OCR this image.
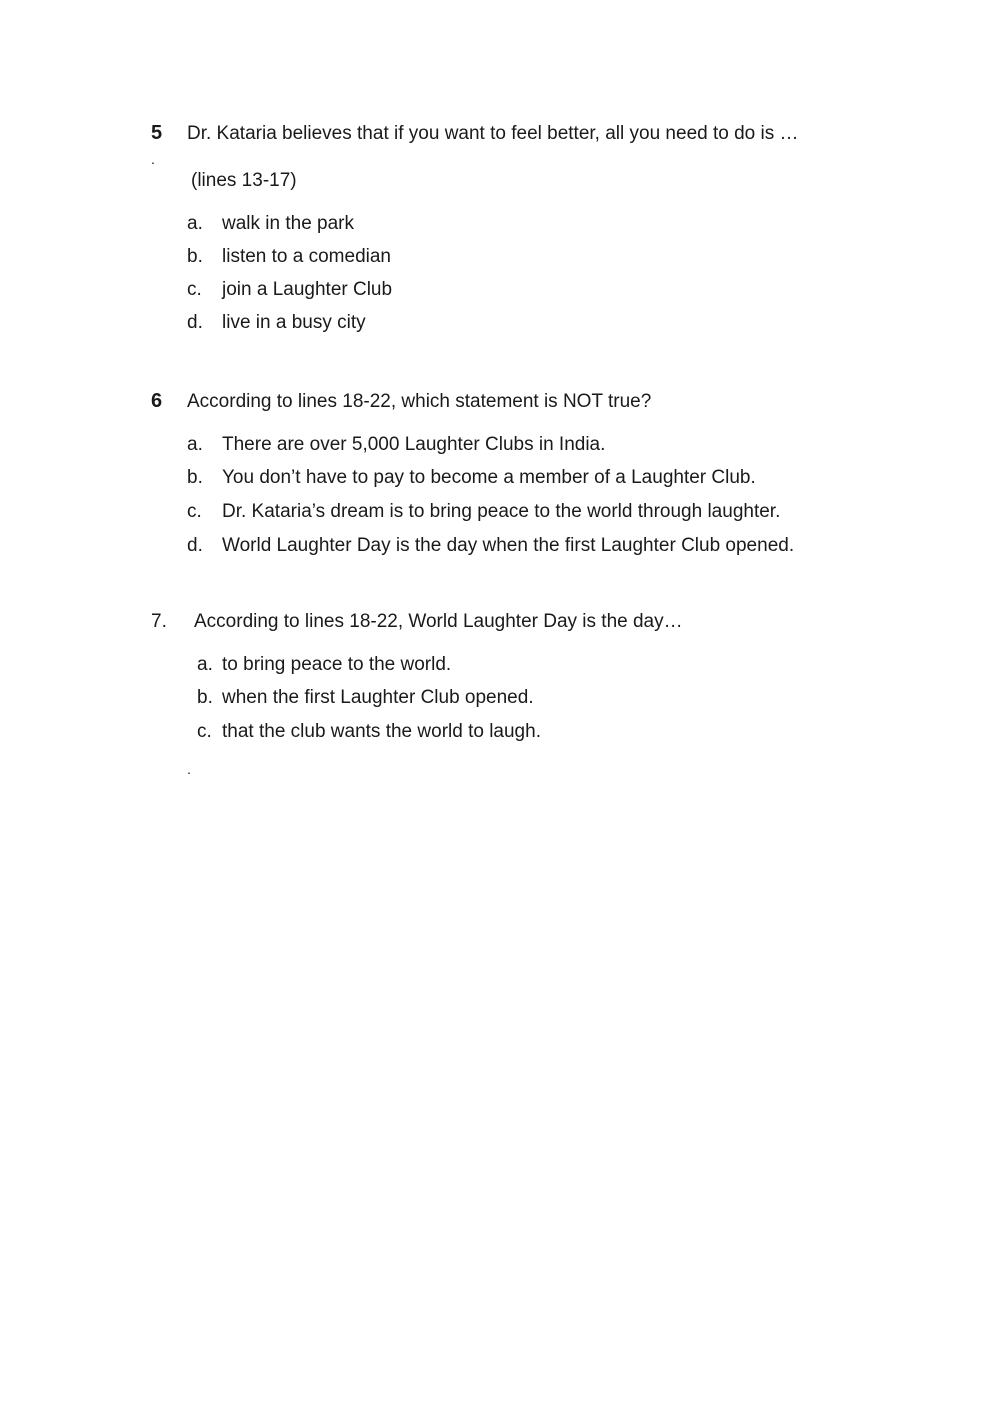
5 Dr. Kataria believes that if you want to feel better, all you need to do is …
.
(lines 13-17)
a. walk in the park
b. listen to a comedian
c. join a Laughter Club
d. live in a busy city
6 According to lines 18-22, which statement is NOT true?
a. There are over 5,000 Laughter Clubs in India.
b. You don’t have to pay to become a member of a Laughter Club.
c. Dr. Kataria’s dream is to bring peace to the world through laughter.
d. World Laughter Day is the day when the first Laughter Club opened.
7. According to lines 18-22, World Laughter Day is the day…
a. to bring peace to the world.
b. when the first Laughter Club opened.
c. that the club wants the world to laugh.
.
